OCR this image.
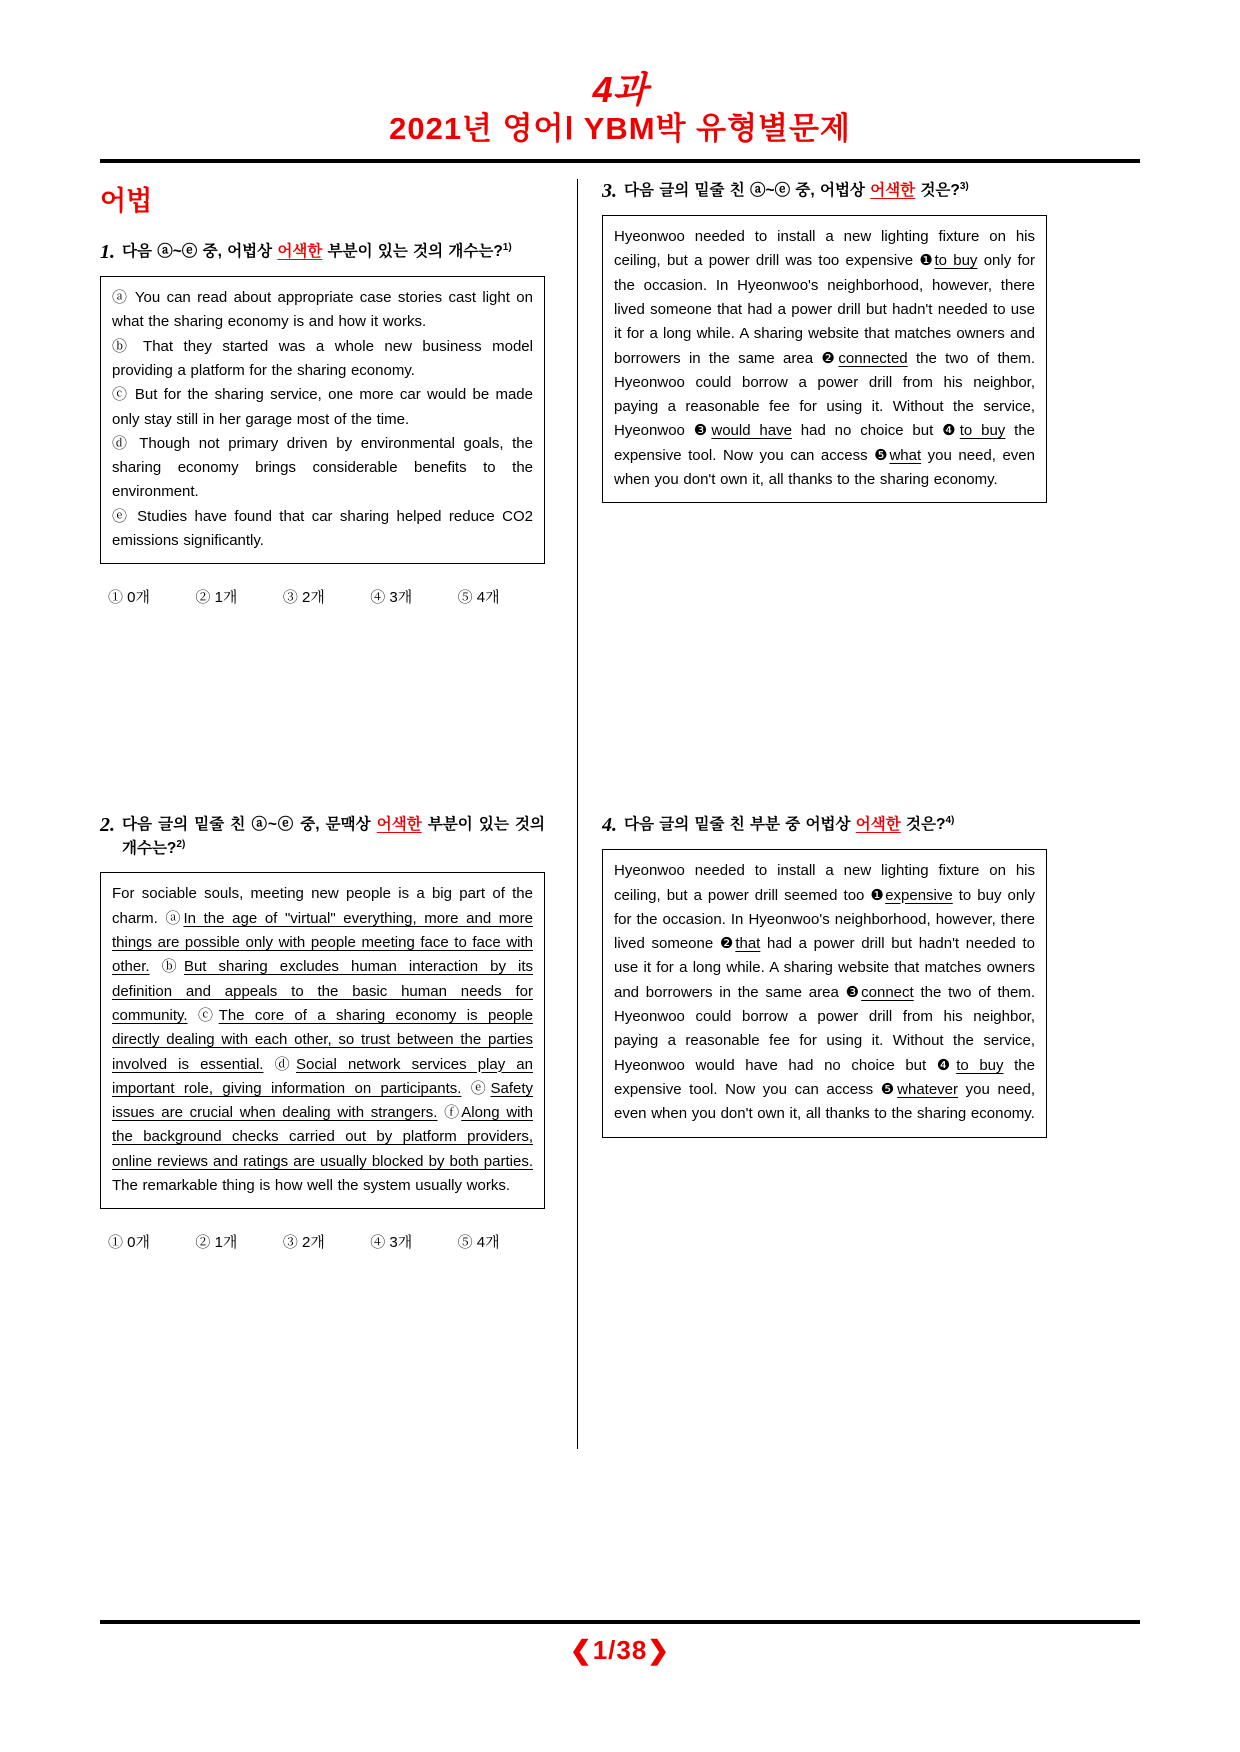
4과
2021년 영어Ⅰ YBM박 유형별문제
어법
1. 다음 ⓐ~ⓔ 중, 어법상 어색한 부분이 있는 것의 개수는?$^{1)}$

ⓐ You can read about appropriate case stories cast light on what the sharing economy is and how it works.

ⓑ That they started was a whole new business model providing a platform for the sharing economy.

ⓒ But for the sharing service, one more car would be made only stay still in her garage most of the time.

ⓓ Though not primary driven by environmental goals, the sharing economy brings considerable benefits to the environment.

ⓔ Studies have found that car sharing helped reduce CO2 emissions significantly.

① 0개	② 1개	③ 2개	④ 3개	⑤ 4개
2. 다음 글의 밑줄 친 ⓐ~ⓔ 중, 문맥상 어색한 부분이 있는 것의 개수는?$^{2)}$

For sociable souls, meeting new people is a big part of the charm. ⓐIn the age of "virtual" everything, more and more things are possible only with people meeting face to face with other. ⓑBut sharing excludes human interaction by its definition and appeals to the basic human needs for community. ⓒThe core of a sharing economy is people directly dealing with each other, so trust between the parties involved is essential. ⓓSocial network services play an important role, giving information on participants. ⓔSafety issues are crucial when dealing with strangers. ⓕAlong with the background checks carried out by platform providers, online reviews and ratings are usually blocked by both parties. The remarkable thing is how well the system usually works.

① 0개	② 1개	③ 2개	④ 3개	⑤ 4개
3. 다음 글의 밑줄 친 ⓐ~ⓔ 중, 어법상 어색한 것은?$^{3)}$

Hyeonwoo needed to install a new lighting fixture on his ceiling, but a power drill was too expensive ❶to buy only for the occasion. In Hyeonwoo's neighborhood, however, there lived someone that had a power drill but hadn't needed to use it for a long while. A sharing website that matches owners and borrowers in the same area ❷connected the two of them. Hyeonwoo could borrow a power drill from his neighbor, paying a reasonable fee for using it. Without the service, Hyeonwoo ❸would have had no choice but ❹to buy the expensive tool. Now you can access ❺what you need, even when you don't own it, all thanks to the sharing economy.

4. 다음 글의 밑줄 친 부분 중 어법상 어색한 것은?$^{4)}$

Hyeonwoo needed to install a new lighting fixture on his ceiling, but a power drill seemed too ❶expensive to buy only for the occasion. In Hyeonwoo's neighborhood, however, there lived someone ❷that had a power drill but hadn't needed to use it for a long while. A sharing website that matches owners and borrowers in the same area ❸connect the two of them. Hyeonwoo could borrow a power drill from his neighbor, paying a reasonable fee for using it. Without the service, Hyeonwoo would have had no choice but ❹to buy the expensive tool. Now you can access ❺whatever you need, even when you don't own it, all thanks to the sharing economy.

❮1/38❯
